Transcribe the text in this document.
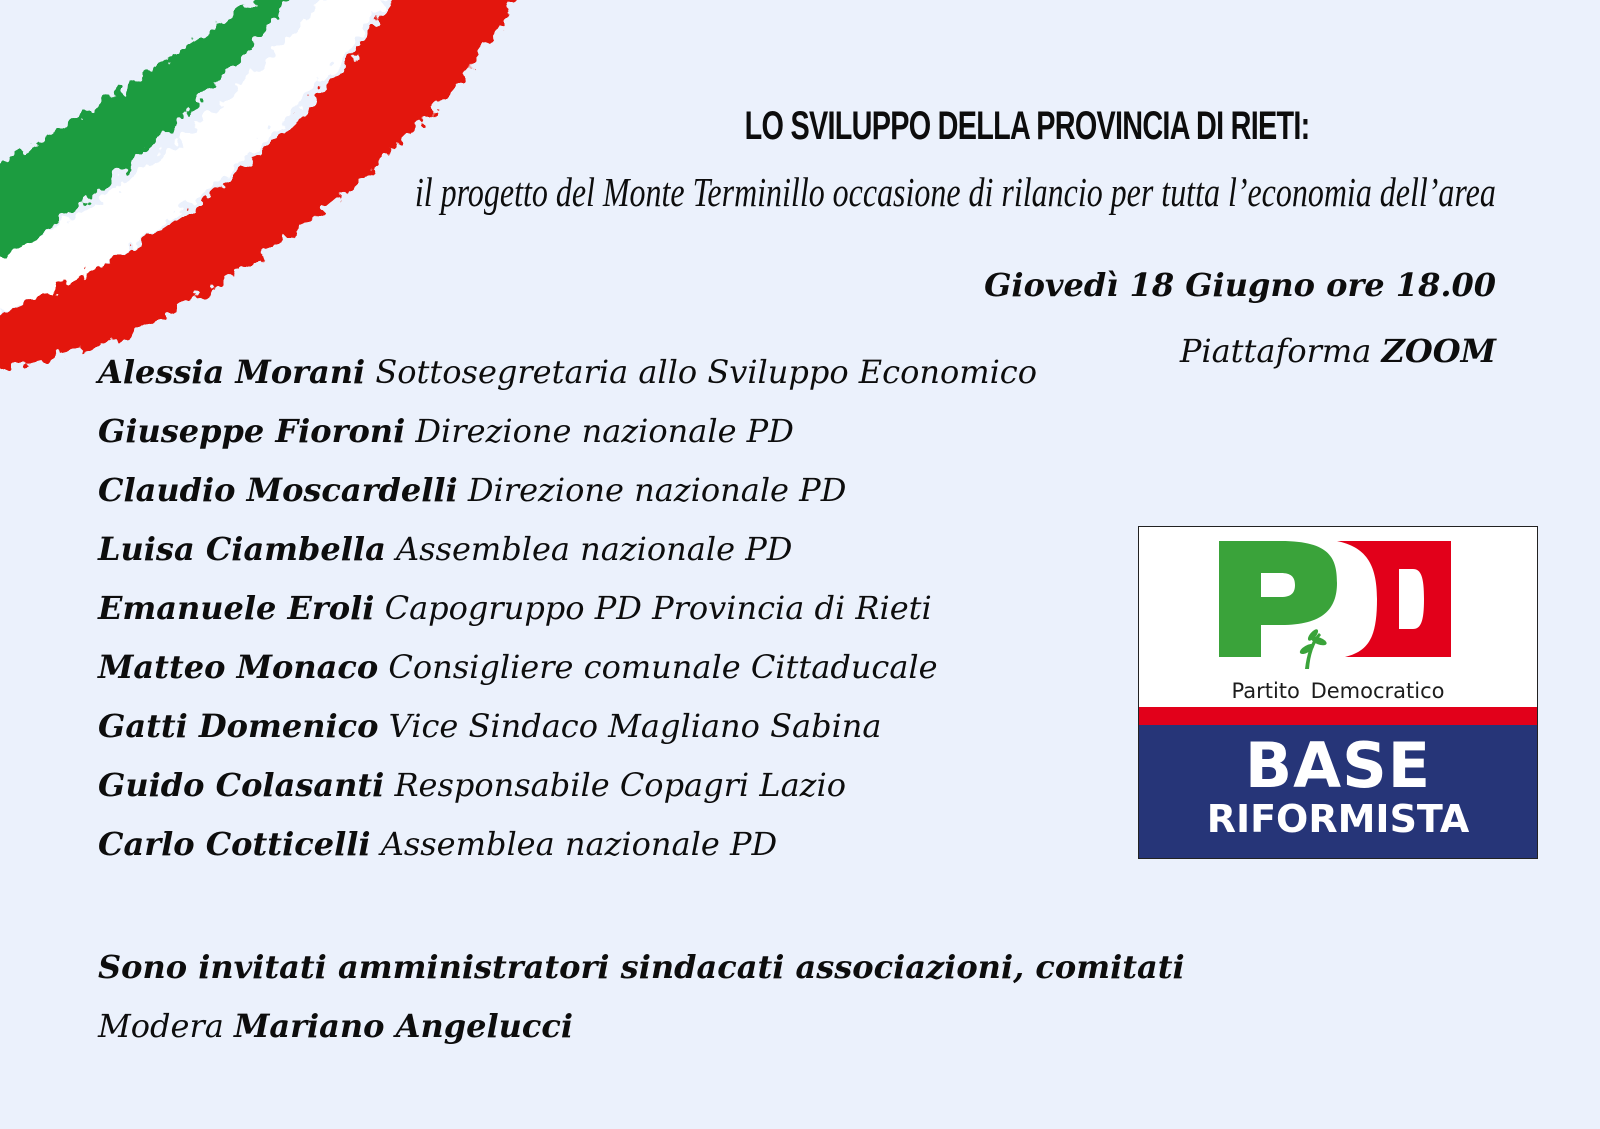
LO SVILUPPO DELLA PROVINCIA DI RIETI:
il progetto del Monte Terminillo occasione di rilancio per tutta l’economia dell’area
Giovedì 18 Giugno ore 18.00
Piattaforma ZOOM
Alessia Morani Sottosegretaria allo Sviluppo Economico
Giuseppe Fioroni Direzione nazionale PD
Claudio Moscardelli Direzione nazionale PD
Luisa Ciambella Assemblea nazionale PD
Emanuele Eroli Capogruppo PD Provincia di Rieti
Matteo Monaco Consigliere comunale Cittaducale
Gatti Domenico Vice Sindaco Magliano Sabina
Guido Colasanti Responsabile Copagri Lazio
Carlo Cotticelli Assemblea nazionale PD
Sono invitati amministratori sindacati associazioni, comitati
Modera Mariano Angelucci
Partito Democratico
BASE
RIFORMISTA
